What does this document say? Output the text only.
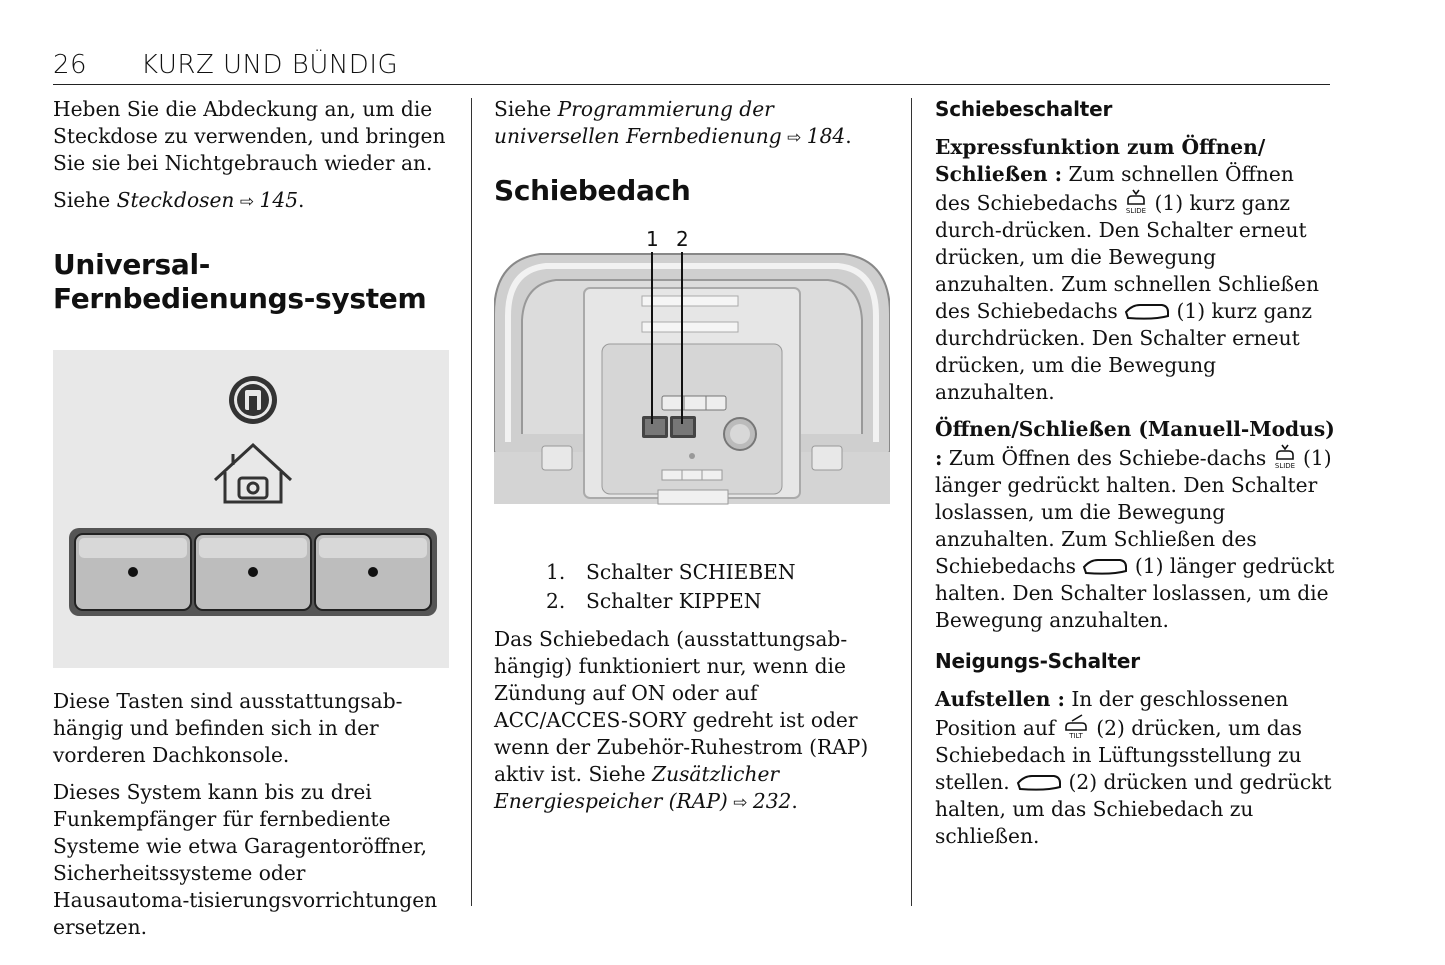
26 KURZ UND BÜNDIG

Heben Sie die Abdeckung an, um die Steckdose zu verwenden, und bringen Sie sie bei Nichtgebrauch wieder an.

Siehe Steckdosen ⇨ 145.

Universal-Fernbedienungs-system

Diese Tasten sind ausstattungsab-hängig und befinden sich in der vorderen Dachkonsole.

Dieses System kann bis zu drei Funkempfänger für fernbediente Systeme wie etwa Garagentoröffner, Sicherheitssysteme oder Hausautoma-tisierungsvorrichtungen ersetzen.

Siehe Programmierung der universellen Fernbedienung ⇨ 184.

Schiebedach
1 2
1. Schalter SCHIEBEN
2. Schalter KIPPEN

Das Schiebedach (ausstattungsab-hängig) funktioniert nur, wenn die Zündung auf ON oder auf ACC/ACCES-SORY gedreht ist oder wenn der Zubehör-Ruhestrom (RAP) aktiv ist. Siehe Zusätzlicher Energiespeicher (RAP) ⇨ 232.

Schiebeschalter

Expressfunktion zum Öffnen/ Schließen : Zum schnellen Öffnen des Schiebedachs SLIDE (1) kurz ganz durch-drücken. Den Schalter erneut drücken, um die Bewegung anzuhalten. Zum schnellen Schließen des Schiebedachs  (1) kurz ganz durchdrücken. Den Schalter erneut drücken, um die Bewegung anzuhalten.

Öffnen/Schließen (Manuell-Modus) : Zum Öffnen des Schiebe-dachs SLIDE (1) länger gedrückt halten. Den Schalter loslassen, um die Bewegung anzuhalten. Zum Schließen des Schiebedachs  (1) länger gedrückt halten. Den Schalter loslassen, um die Bewegung anzuhalten.

Neigungs-Schalter

Aufstellen : In der geschlossenen Position auf TILT (2) drücken, um das Schiebedach in Lüftungsstellung zu stellen.  (2) drücken und gedrückt halten, um das Schiebedach zu schließen.
